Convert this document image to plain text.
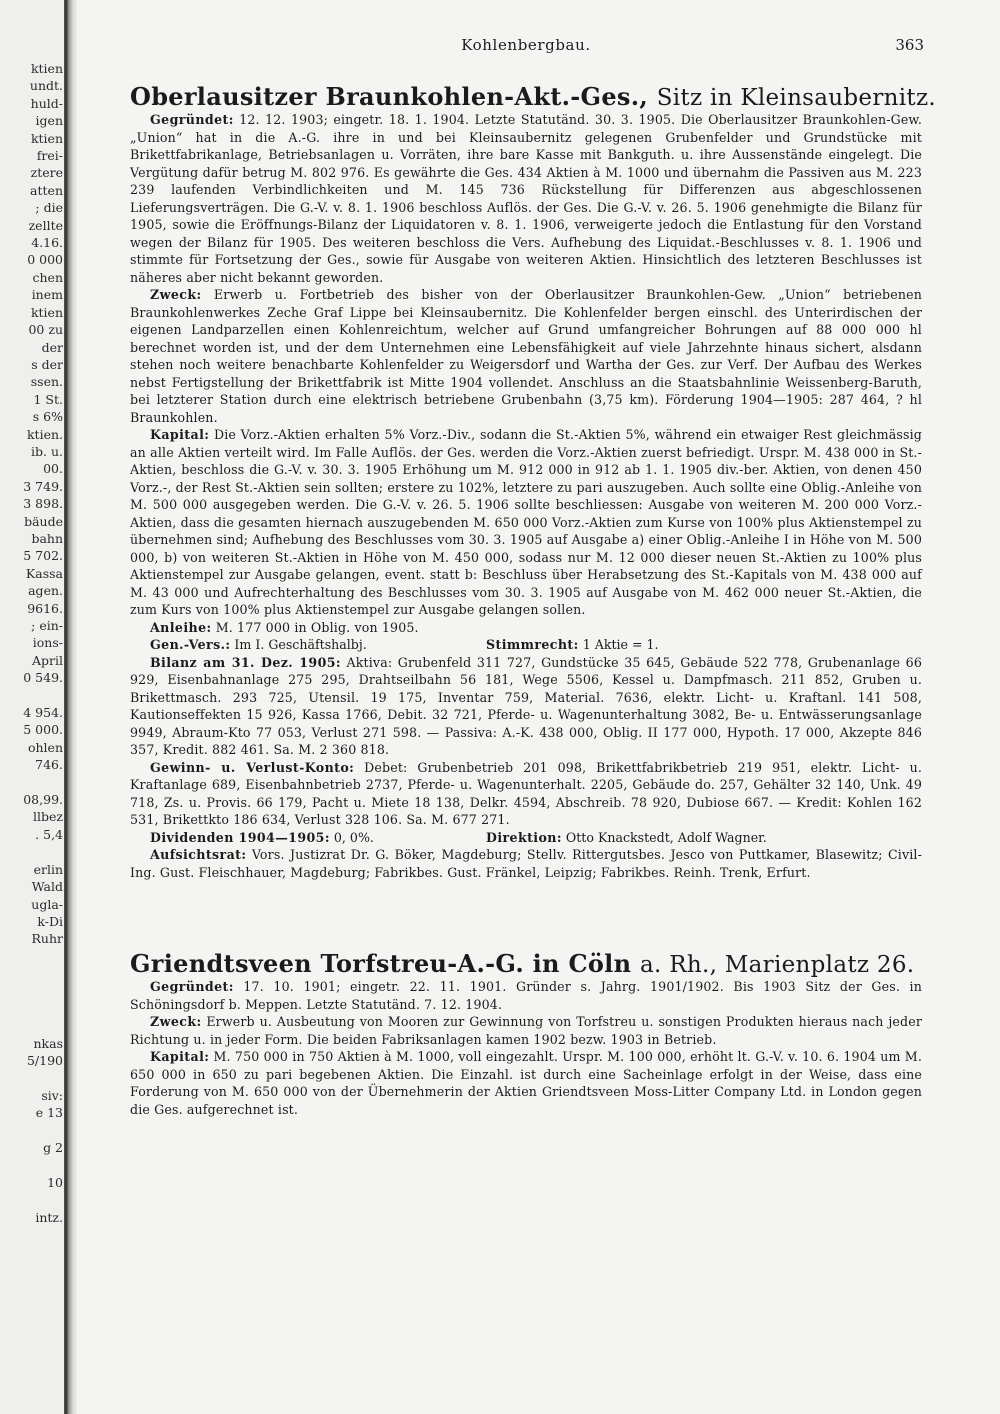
ktien
undt.
huld-
igen
ktien
frei-
ztere
atten
; die
zellte
4.16.
0 000
chen
inem
ktien
00 zu
der
s der
ssen.
1 St.
s 6%
ktien.
ib. u.
00.
3 749.
3 898.
bäude
bahn
5 702.
Kassa
agen.
9616.
; ein-
ions-
April
0 549.

4 954.
5 000.
ohlen
746.

08,99.
llbez
. 5,4

erlin
Wald
ugla-
k-Di
Ruhr

nkas
5/190

siv:
e 13

g 2

10

intz.
Kohlenbergbau.	363
Oberlausitzer Braunkohlen-Akt.-Ges., Sitz in Kleinsaubernitz.

Gegründet: 12. 12. 1903; eingetr. 18. 1. 1904. Letzte Statutänd. 30. 3. 1905. Die Oberlausitzer Braunkohlen-Gew. „Union“ hat in die A.-G. ihre in und bei Kleinsaubernitz gelegenen Grubenfelder und Grundstücke mit Brikettfabrikanlage, Betriebsanlagen u. Vorräten, ihre bare Kasse mit Bankguth. u. ihre Aussenstände eingelegt. Die Vergütung dafür betrug M. 802 976. Es gewährte die Ges. 434 Aktien à M. 1000 und übernahm die Passiven aus M. 223 239 laufenden Verbindlichkeiten und M. 145 736 Rückstellung für Differenzen aus abgeschlossenen Lieferungsverträgen. Die G.-V. v. 8. 1. 1906 beschloss Auflös. der Ges. Die G.-V. v. 26. 5. 1906 genehmigte die Bilanz für 1905, sowie die Eröffnungs-Bilanz der Liquidatoren v. 8. 1. 1906, verweigerte jedoch die Entlastung für den Vorstand wegen der Bilanz für 1905. Des weiteren beschloss die Vers. Aufhebung des Liquidat.-Beschlusses v. 8. 1. 1906 und stimmte für Fortsetzung der Ges., sowie für Ausgabe von weiteren Aktien. Hinsichtlich des letzteren Beschlusses ist näheres aber nicht bekannt geworden.

Zweck: Erwerb u. Fortbetrieb des bisher von der Oberlausitzer Braunkohlen-Gew. „Union“ betriebenen Braunkohlenwerkes Zeche Graf Lippe bei Kleinsaubernitz. Die Kohlenfelder bergen einschl. des Unterirdischen der eigenen Landparzellen einen Kohlenreichtum, welcher auf Grund umfangreicher Bohrungen auf 88 000 000 hl berechnet worden ist, und der dem Unternehmen eine Lebensfähigkeit auf viele Jahrzehnte hinaus sichert, alsdann stehen noch weitere benachbarte Kohlenfelder zu Weigersdorf und Wartha der Ges. zur Verf. Der Aufbau des Werkes nebst Fertigstellung der Brikettfabrik ist Mitte 1904 vollendet. Anschluss an die Staatsbahnlinie Weissenberg-Baruth, bei letzterer Station durch eine elektrisch betriebene Grubenbahn (3,75 km). Förderung 1904—1905: 287 464, ? hl Braunkohlen.

Kapital: Die Vorz.-Aktien erhalten 5% Vorz.-Div., sodann die St.-Aktien 5%, während ein etwaiger Rest gleichmässig an alle Aktien verteilt wird. Im Falle Auflös. der Ges. werden die Vorz.-Aktien zuerst befriedigt. Urspr. M. 438 000 in St.-Aktien, beschloss die G.-V. v. 30. 3. 1905 Erhöhung um M. 912 000 in 912 ab 1. 1. 1905 div.-ber. Aktien, von denen 450 Vorz.-, der Rest St.-Aktien sein sollten; erstere zu 102%, letztere zu pari auszugeben. Auch sollte eine Oblig.-Anleihe von M. 500 000 ausgegeben werden. Die G.-V. v. 26. 5. 1906 sollte beschliessen: Ausgabe von weiteren M. 200 000 Vorz.-Aktien, dass die gesamten hiernach auszugebenden M. 650 000 Vorz.-Aktien zum Kurse von 100% plus Aktienstempel zu übernehmen sind; Aufhebung des Beschlusses vom 30. 3. 1905 auf Ausgabe a) einer Oblig.-Anleihe I in Höhe von M. 500 000, b) von weiteren St.-Aktien in Höhe von M. 450 000, sodass nur M. 12 000 dieser neuen St.-Aktien zu 100% plus Aktienstempel zur Ausgabe gelangen, event. statt b: Beschluss über Herabsetzung des St.-Kapitals von M. 438 000 auf M. 43 000 und Aufrechterhaltung des Beschlusses vom 30. 3. 1905 auf Ausgabe von M. 462 000 neuer St.-Aktien, die zum Kurs von 100% plus Aktienstempel zur Ausgabe gelangen sollen.

Anleihe: M. 177 000 in Oblig. von 1905.

Gen.-Vers.: Im I. Geschäftshalbj.	Stimmrecht: 1 Aktie = 1.

Bilanz am 31. Dez. 1905: Aktiva: Grubenfeld 311 727, Gundstücke 35 645, Gebäude 522 778, Grubenanlage 66 929, Eisenbahnanlage 275 295, Drahtseilbahn 56 181, Wege 5506, Kessel u. Dampfmasch. 211 852, Gruben u. Brikettmasch. 293 725, Utensil. 19 175, Inventar 759, Material. 7636, elektr. Licht- u. Kraftanl. 141 508, Kautionseffekten 15 926, Kassa 1766, Debit. 32 721, Pferde- u. Wagenunterhaltung 3082, Be- u. Entwässerungsanlage 9949, Abraum-Kto 77 053, Verlust 271 598. — Passiva: A.-K. 438 000, Oblig. II 177 000, Hypoth. 17 000, Akzepte 846 357, Kredit. 882 461. Sa. M. 2 360 818.

Gewinn- u. Verlust-Konto: Debet: Grubenbetrieb 201 098, Brikettfabrikbetrieb 219 951, elektr. Licht- u. Kraftanlage 689, Eisenbahnbetrieb 2737, Pferde- u. Wagenunterhalt. 2205, Gebäude do. 257, Gehälter 32 140, Unk. 49 718, Zs. u. Provis. 66 179, Pacht u. Miete 18 138, Delkr. 4594, Abschreib. 78 920, Dubiose 667. — Kredit: Kohlen 162 531, Brikettkto 186 634, Verlust 328 106. Sa. M. 677 271.

Dividenden 1904—1905: 0, 0%.	Direktion: Otto Knackstedt, Adolf Wagner.

Aufsichtsrat: Vors. Justizrat Dr. G. Böker, Magdeburg; Stellv. Rittergutsbes. Jesco von Puttkamer, Blasewitz; Civil-Ing. Gust. Fleischhauer, Magdeburg; Fabrikbes. Gust. Fränkel, Leipzig; Fabrikbes. Reinh. Trenk, Erfurt.

Griendtsveen Torfstreu-A.-G. in Cöln a. Rh., Marienplatz 26.

Gegründet: 17. 10. 1901; eingetr. 22. 11. 1901. Gründer s. Jahrg. 1901/1902. Bis 1903 Sitz der Ges. in Schöningsdorf b. Meppen. Letzte Statutänd. 7. 12. 1904.

Zweck: Erwerb u. Ausbeutung von Mooren zur Gewinnung von Torfstreu u. sonstigen Produkten hieraus nach jeder Richtung u. in jeder Form. Die beiden Fabriksanlagen kamen 1902 bezw. 1903 in Betrieb.

Kapital: M. 750 000 in 750 Aktien à M. 1000, voll eingezahlt. Urspr. M. 100 000, erhöht lt. G.-V. v. 10. 6. 1904 um M. 650 000 in 650 zu pari begebenen Aktien. Die Einzahl. ist durch eine Sacheinlage erfolgt in der Weise, dass eine Forderung von M. 650 000 von der Übernehmerin der Aktien Griendtsveen Moss-Litter Company Ltd. in London gegen die Ges. aufgerechnet ist.
